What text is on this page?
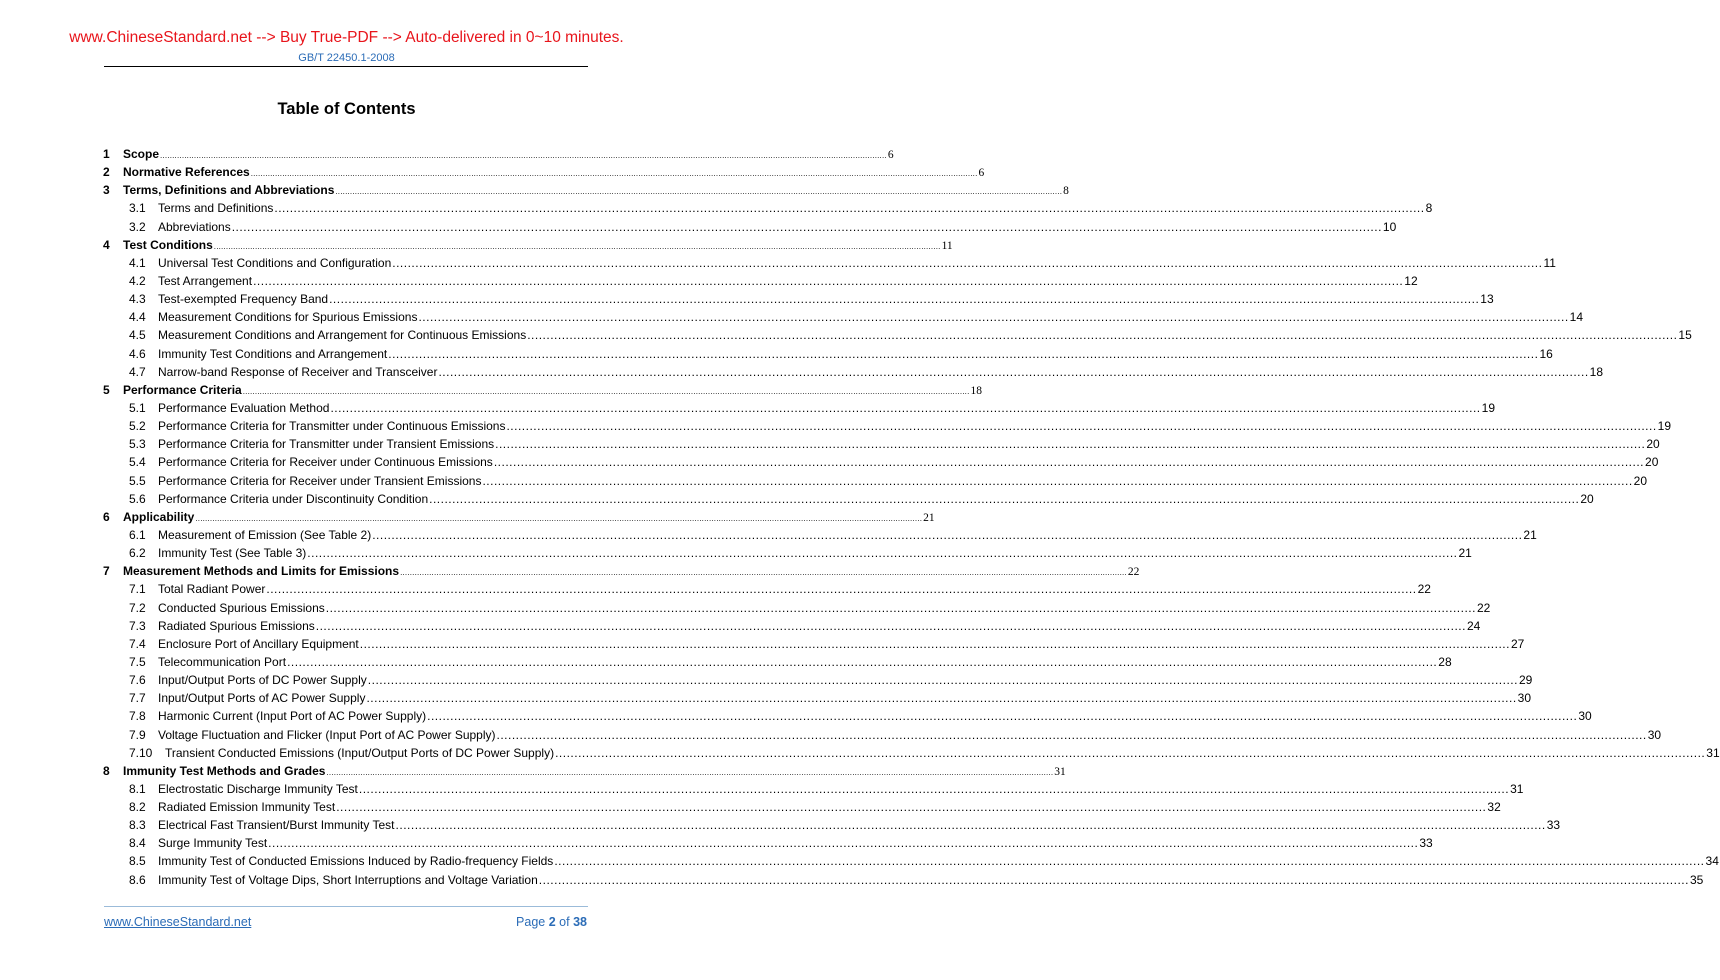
www.ChineseStandard.net --> Buy True-PDF --> Auto-delivered in 0~10 minutes.
GB/T 22450.1-2008
Table of Contents
1 Scope ............................................................................................................................................................................................................................................................................................................ 6
2 Normative References ............................................................................................................................................................................................................................................................................................................ 6
3 Terms, Definitions and Abbreviations ............................................................................................................................................................................................................................................................................................................ 8
3.1 Terms and Definitions ............................................................................................................................................................................................................................................................................................................ 8
3.2 Abbreviations ............................................................................................................................................................................................................................................................................................................ 10
4 Test Conditions ............................................................................................................................................................................................................................................................................................................ 11
4.1 Universal Test Conditions and Configuration ............................................................................................................................................................................................................................................................................................................ 11
4.2 Test Arrangement ............................................................................................................................................................................................................................................................................................................ 12
4.3 Test-exempted Frequency Band ............................................................................................................................................................................................................................................................................................................ 13
4.4 Measurement Conditions for Spurious Emissions ............................................................................................................................................................................................................................................................................................................ 14
4.5 Measurement Conditions and Arrangement for Continuous Emissions ............................................................................................................................................................................................................................................................................................................ 15
4.6 Immunity Test Conditions and Arrangement ............................................................................................................................................................................................................................................................................................................ 16
4.7 Narrow-band Response of Receiver and Transceiver ............................................................................................................................................................................................................................................................................................................ 18
5 Performance Criteria ............................................................................................................................................................................................................................................................................................................ 18
5.1 Performance Evaluation Method ............................................................................................................................................................................................................................................................................................................ 19
5.2 Performance Criteria for Transmitter under Continuous Emissions ............................................................................................................................................................................................................................................................................................................ 19
5.3 Performance Criteria for Transmitter under Transient Emissions ............................................................................................................................................................................................................................................................................................................ 20
5.4 Performance Criteria for Receiver under Continuous Emissions ............................................................................................................................................................................................................................................................................................................ 20
5.5 Performance Criteria for Receiver under Transient Emissions ............................................................................................................................................................................................................................................................................................................ 20
5.6 Performance Criteria under Discontinuity Condition ............................................................................................................................................................................................................................................................................................................ 20
6 Applicability ............................................................................................................................................................................................................................................................................................................ 21
6.1 Measurement of Emission (See Table 2) ............................................................................................................................................................................................................................................................................................................ 21
6.2 Immunity Test (See Table 3) ............................................................................................................................................................................................................................................................................................................ 21
7 Measurement Methods and Limits for Emissions ............................................................................................................................................................................................................................................................................................................ 22
7.1 Total Radiant Power ............................................................................................................................................................................................................................................................................................................ 22
7.2 Conducted Spurious Emissions ............................................................................................................................................................................................................................................................................................................ 22
7.3 Radiated Spurious Emissions ............................................................................................................................................................................................................................................................................................................ 24
7.4 Enclosure Port of Ancillary Equipment ............................................................................................................................................................................................................................................................................................................ 27
7.5 Telecommunication Port ............................................................................................................................................................................................................................................................................................................ 28
7.6 Input/Output Ports of DC Power Supply ............................................................................................................................................................................................................................................................................................................ 29
7.7 Input/Output Ports of AC Power Supply ............................................................................................................................................................................................................................................................................................................ 30
7.8 Harmonic Current (Input Port of AC Power Supply) ............................................................................................................................................................................................................................................................................................................ 30
7.9 Voltage Fluctuation and Flicker (Input Port of AC Power Supply) ............................................................................................................................................................................................................................................................................................................ 30
7.10 Transient Conducted Emissions (Input/Output Ports of DC Power Supply) ............................................................................................................................................................................................................................................................................................................ 31
8 Immunity Test Methods and Grades ............................................................................................................................................................................................................................................................................................................ 31
8.1 Electrostatic Discharge Immunity Test ............................................................................................................................................................................................................................................................................................................ 31
8.2 Radiated Emission Immunity Test ............................................................................................................................................................................................................................................................................................................ 32
8.3 Electrical Fast Transient/Burst Immunity Test ............................................................................................................................................................................................................................................................................................................ 33
8.4 Surge Immunity Test ............................................................................................................................................................................................................................................................................................................ 33
8.5 Immunity Test of Conducted Emissions Induced by Radio-frequency Fields ............................................................................................................................................................................................................................................................................................................ 34
8.6 Immunity Test of Voltage Dips, Short Interruptions and Voltage Variation ............................................................................................................................................................................................................................................................................................................ 35
www.ChineseStandard.net	Page 2 of 38
